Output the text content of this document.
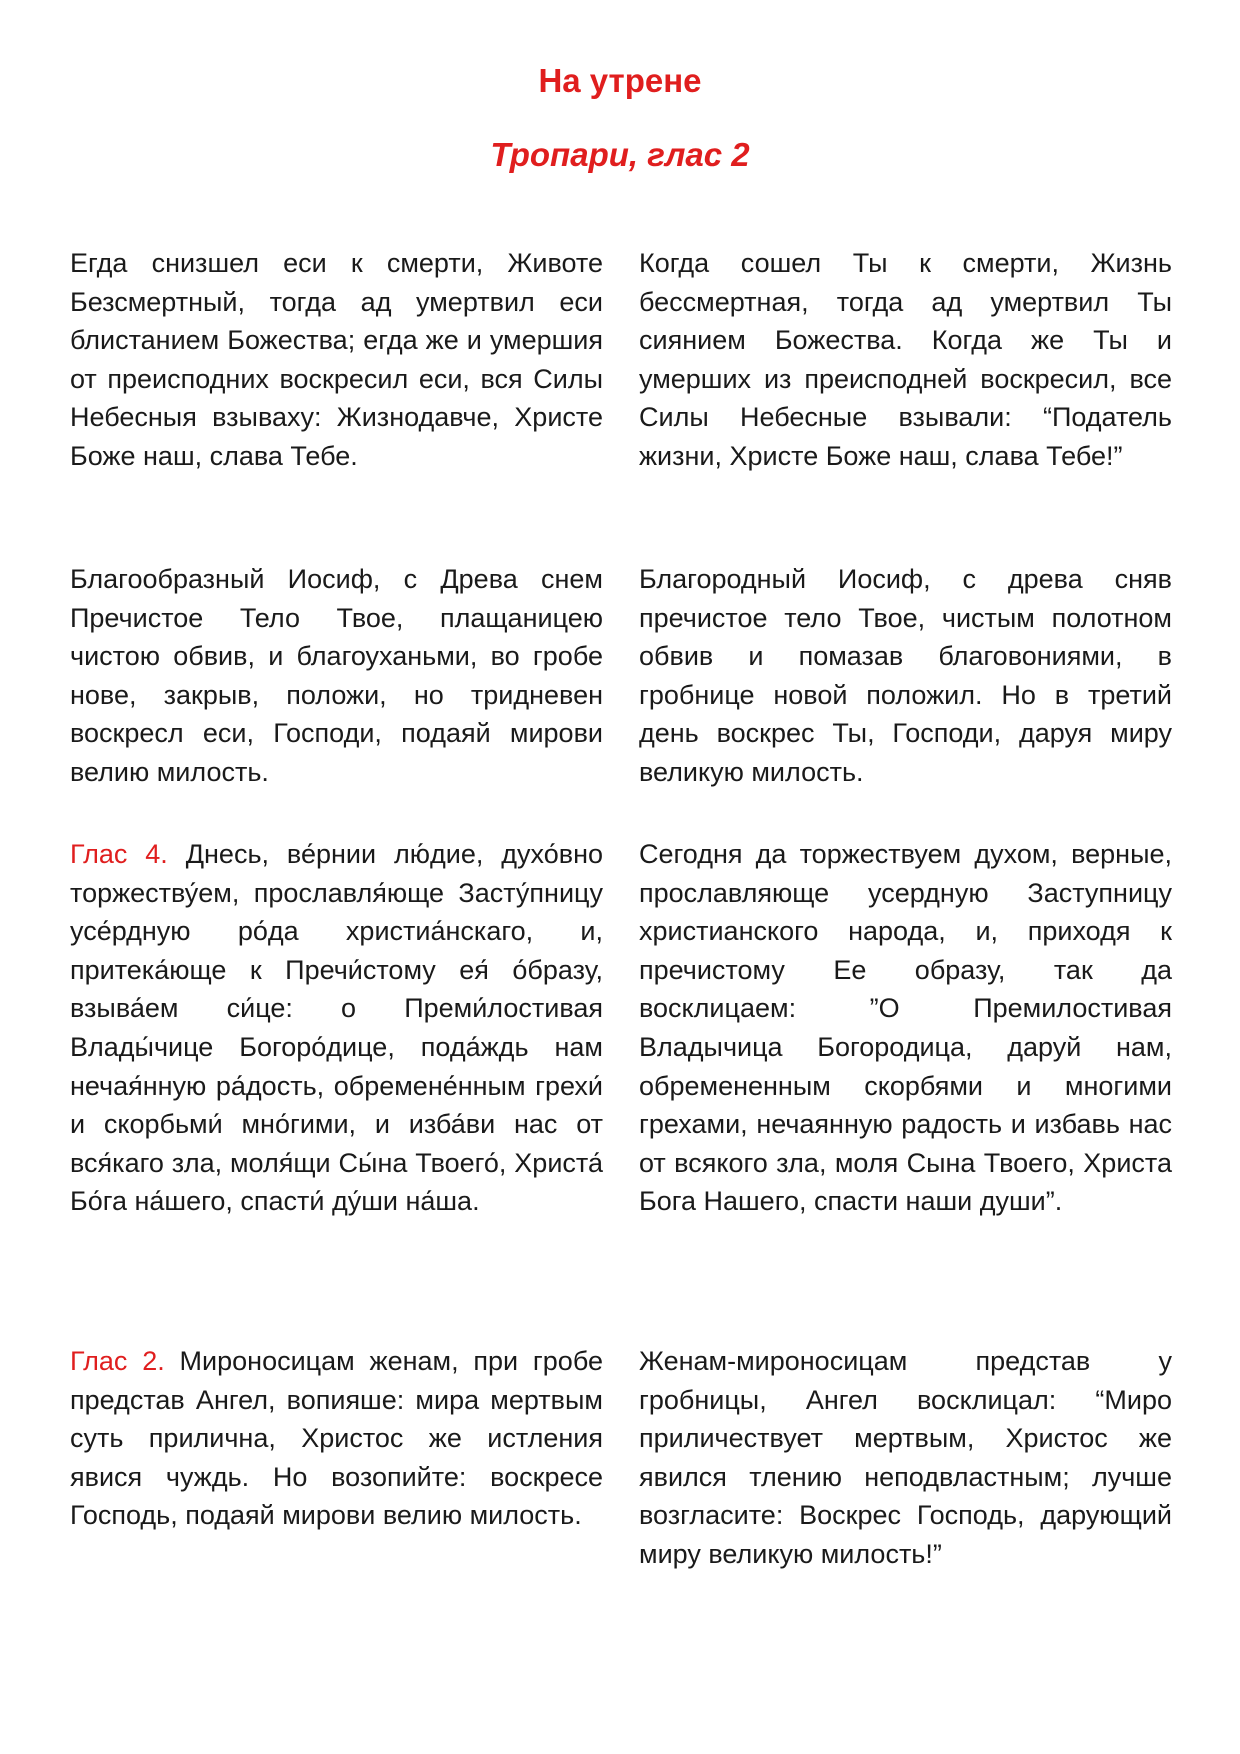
На утрене
Тропари, глас 2

Егда снизшел еси к смерти, Животе Безсмертный, тогда ад умертвил еси блистанием Божества; егда же и умершия от преисподних воскресил еси, вся Силы Небесныя взываху: Жизнодавче, Христе Боже наш, слава Тебе.

Когда сошел Ты к смерти, Жизнь бессмертная, тогда ад умертвил Ты сиянием Божества. Когда же Ты и умерших из преисподней воскресил, все Силы Небесные взывали: “Податель жизни, Христе Боже наш, слава Тебе!”

Благообразный Иосиф, с Древа снем Пречистое Тело Твое, плащаницею чистою обвив, и благоуханьми, во гробе нове, закрыв, положи, но тридневен воскресл еси, Господи, подаяй мирови велию милость.

Благородный Иосиф, с древа сняв пречистое тело Твое, чистым полотном обвив и помазав благовониями, в гробнице новой положил. Но в третий день воскрес Ты, Господи, даруя миру великую милость.

Глас 4. Днесь, ве́рнии лю́дие, духо́вно торжеству́ем, прославля́юще Засту́пницу усе́рдную ро́да христиа́нскаго, и, притека́юще к Пречи́стому ея́ о́бразу, взыва́ем си́це: о Преми́лостивая Влады́чице Богоро́дице, пода́ждь нам нечая́нную ра́дость, обремене́нным грехи́ и скорбьми́ мно́гими, и изба́ви нас от вся́каго зла, моля́щи Сы́на Твоего́, Христа́ Бо́га на́шего, спасти́ ду́ши на́ша.

Сегодня да торжествуем духом, верные, прославляюще усердную Заступницу христианского народа, и, приходя к пречистому Ее образу, так да восклицаем: ”О Премилостивая Владычица Богородица, даруй нам, обремененным скорбями и многими грехами, нечаянную радость и избавь нас от всякого зла, моля Сына Твоего, Христа Бога Нашего, спасти наши души”.

Глас 2. Мироносицам женам, при гробе представ Ангел, вопияше: мира мертвым суть прилична, Христос же истления явися чуждь. Но возопийте: воскресе Господь, подаяй мирови велию милость.

Женам-мироносицам представ у гробницы, Ангел восклицал: “Миро приличествует мертвым, Христос же явился тлению неподвластным; лучше возгласите: Воскрес Господь, дарующий миру великую милость!”
